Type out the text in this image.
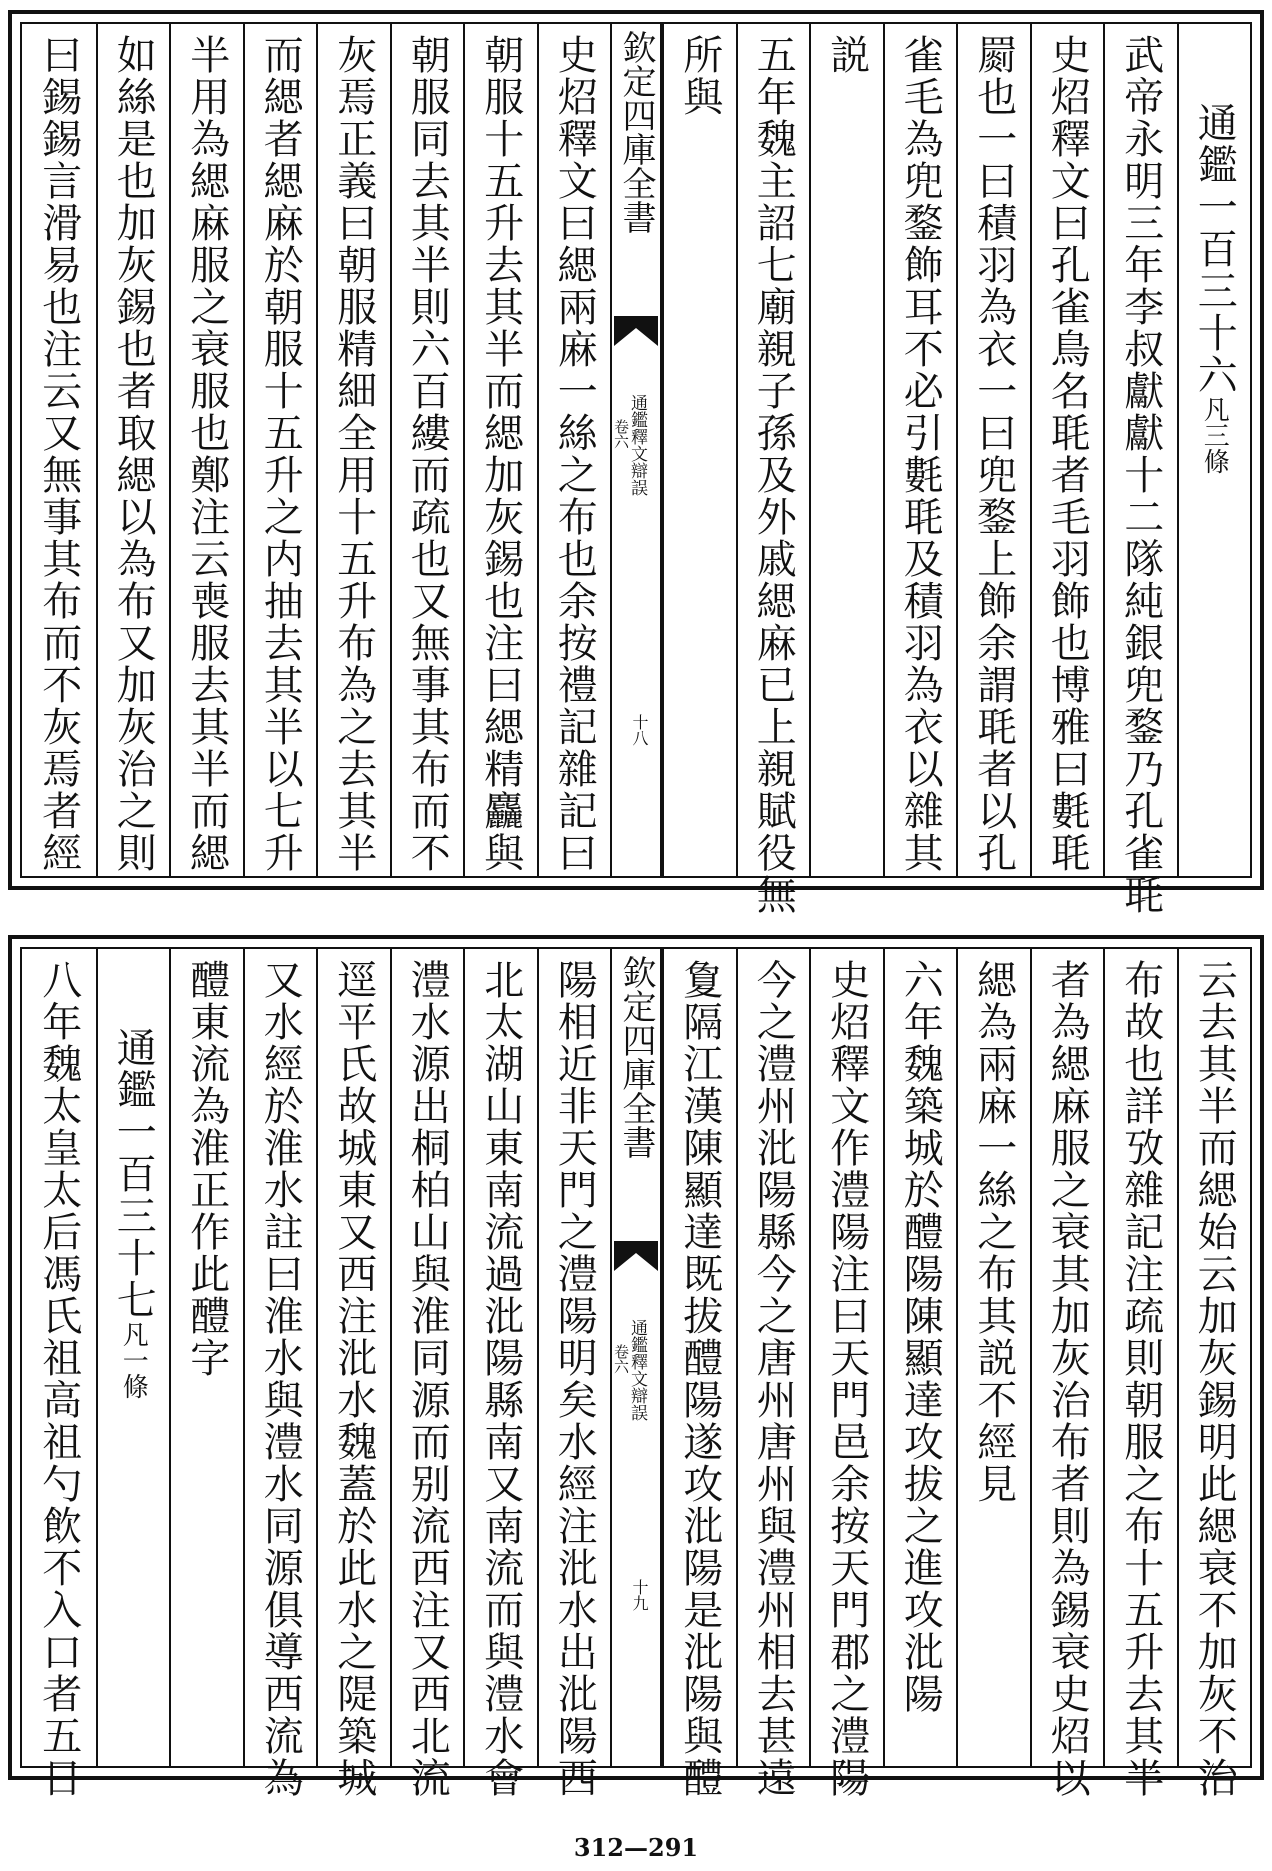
通鑑一百三十六凡三條
武帝永明三年李叔獻獻十二隊純銀兜鍪乃孔雀毦
史炤釋文曰孔雀鳥名毦者毛羽飾也博雅曰氀毦
罽也一曰積羽為衣一曰兜鍪上飾余謂毦者以孔
雀毛為兜鍪飾耳不必引氀毦及積羽為衣以雜其
説
五年魏主詔七廟親子孫及外戚緦麻已上親賦役無
所與
史炤釋文曰緦兩麻一絲之布也余按禮記雜記曰
朝服十五升去其半而緦加灰錫也注曰緦精麤與
朝服同去其半則六百縷而疏也又無事其布而不
灰焉正義曰朝服精細全用十五升布為之去其半
而緦者緦麻於朝服十五升之内抽去其半以七升
半用為緦麻服之衰服也鄭注云喪服去其半而緦
如絲是也加灰錫也者取緦以為布又加灰治之則
曰錫錫言滑易也注云又無事其布而不灰焉者經	欽定四庫全書
通鑑釋文辯誤
卷六
十八
云去其半而緦始云加灰錫明此緦衰不加灰不治
布故也詳攷雜記注疏則朝服之布十五升去其半
者為緦麻服之衰其加灰治布者則為錫衰史炤以
緦為兩麻一絲之布其説不經見
六年魏築城於醴陽陳顯達攻拔之進攻沘陽
史炤釋文作澧陽注曰天門邑余按天門郡之澧陽
今之澧州沘陽縣今之唐州唐州與澧州相去甚遠
夐隔江漢陳顯達既拔醴陽遂攻沘陽是沘陽與醴
陽相近非天門之澧陽明矣水經注沘水出沘陽西
北太湖山東南流過沘陽縣南又南流而與澧水會
澧水源出桐柏山與淮同源而别流西注又西北流
逕平氏故城東又西注沘水魏蓋於此水之隄築城
又水經於淮水註曰淮水與澧水同源俱導西流為
醴東流為淮正作此醴字
通鑑一百三十七凡一條
八年魏太皇太后馮氏祖高祖勺飲不入口者五日	欽定四庫全書
通鑑釋文辯誤
卷六
十九
312—291
